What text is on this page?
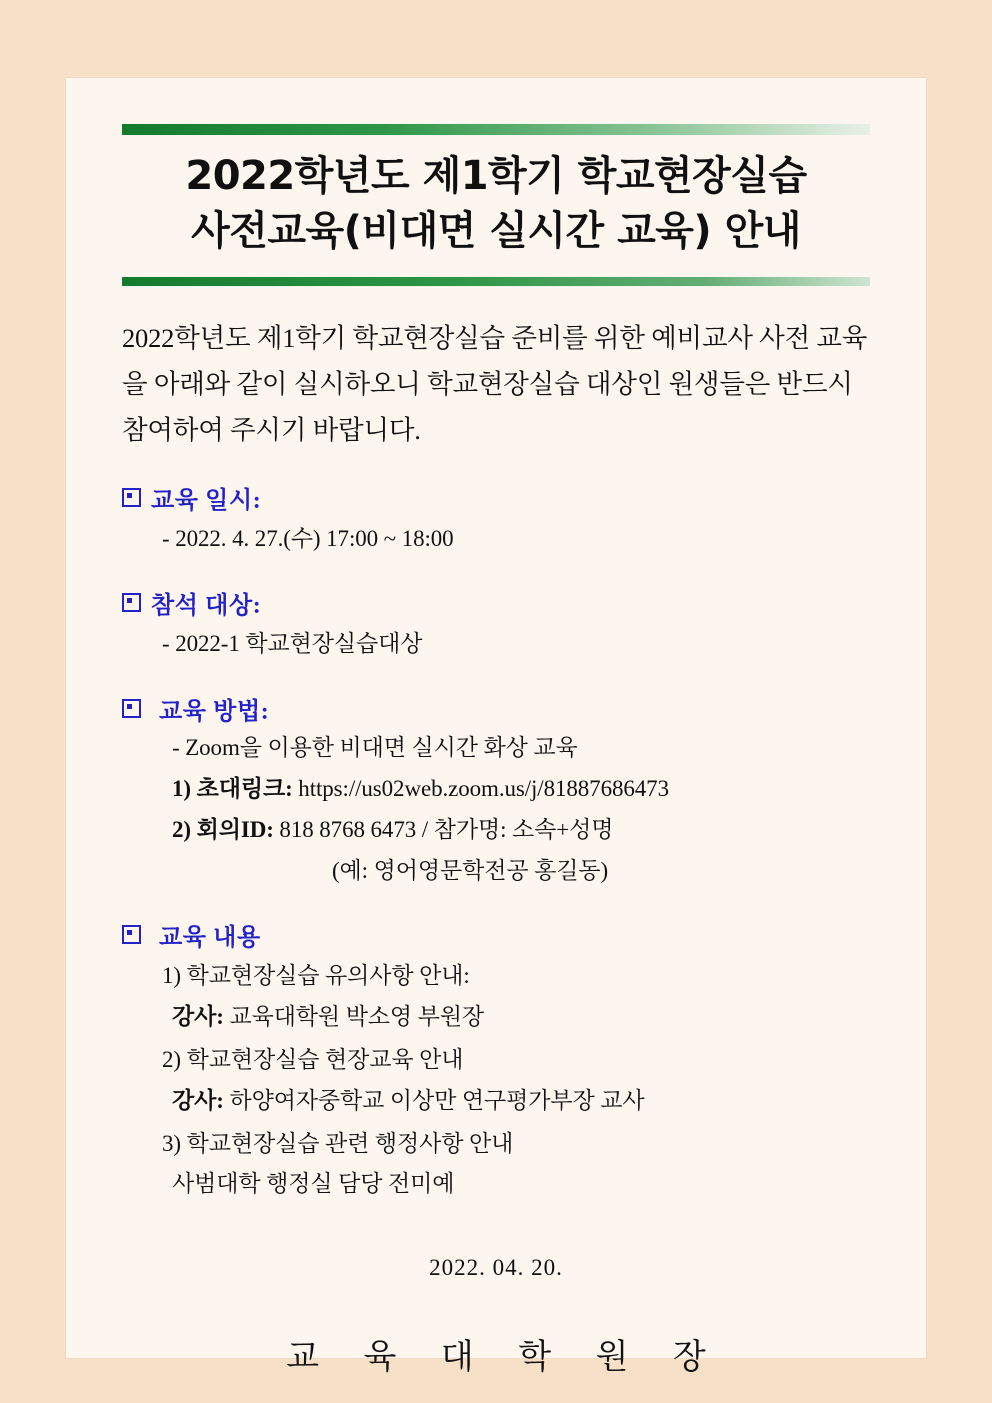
2022학년도 제1학기 학교현장실습
사전교육(비대면 실시간 교육) 안내

2022학년도 제1학기 학교현장실습 준비를 위한 예비교사 사전 교육을 아래와 같이 실시하오니 학교현장실습 대상인 원생들은 반드시 참여하여 주시기 바랍니다.

교육 일시:
- 2022. 4. 27.(수) 17:00 ~ 18:00
참석 대상:
- 2022-1 학교현장실습대상
교육 방법:
- Zoom을 이용한 비대면 실시간 화상 교육
1) 초대링크: https://us02web.zoom.us/j/81887686473
2) 회의ID: 818 8768 6473 / 참가명: 소속+성명
(예: 영어영문학전공 홍길동)
교육 내용
1) 학교현장실습 유의사항 안내:
강사: 교육대학원 박소영 부원장
2) 학교현장실습 현장교육 안내
강사: 하양여자중학교 이상만 연구평가부장 교사
3) 학교현장실습 관련 행정사항 안내
사범대학 행정실 담당 전미예
2022. 04. 20.
교 육 대 학 원 장
